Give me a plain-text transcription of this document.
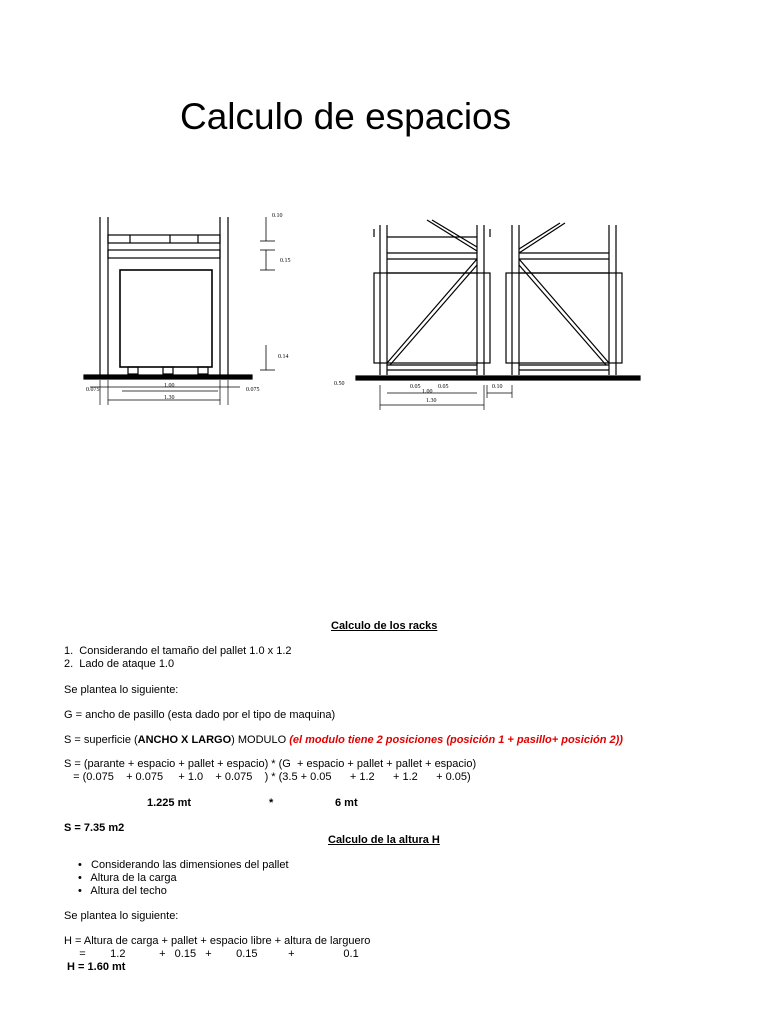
Calculo de espacios
0.10
0.15
0.14
0.075	0.075
1.00
1.30
0.50	0.05	0.05
1.00
1.30
0.10
Calculo de los racks
1.  Considerando el tamaño del pallet 1.0 x 1.2
2.  Lado de ataque 1.0
Se plantea lo siguiente:
G = ancho de pasillo (esta dado por el tipo de maquina)
S = superficie (ANCHO X LARGO) MODULO (el modulo tiene 2 posiciones (posición 1 + pasillo+ posición 2))
S = (parante + espacio + pallet + espacio) * (G  + espacio + pallet + pallet + espacio)
= (0.075    + 0.075     + 1.0    + 0.075    ) * (3.5 + 0.05      + 1.2      + 1.2      + 0.05)
1.225 mt	*	6 mt
S = 7.35 m2
Calculo de la altura H
•   Considerando las dimensiones del pallet
•   Altura de la carga
•   Altura del techo
Se plantea lo siguiente:
H = Altura de carga + pallet + espacio libre + altura de larguero
=        1.2           +   0.15   +        0.15          +                0.1
H = 1.60 mt
